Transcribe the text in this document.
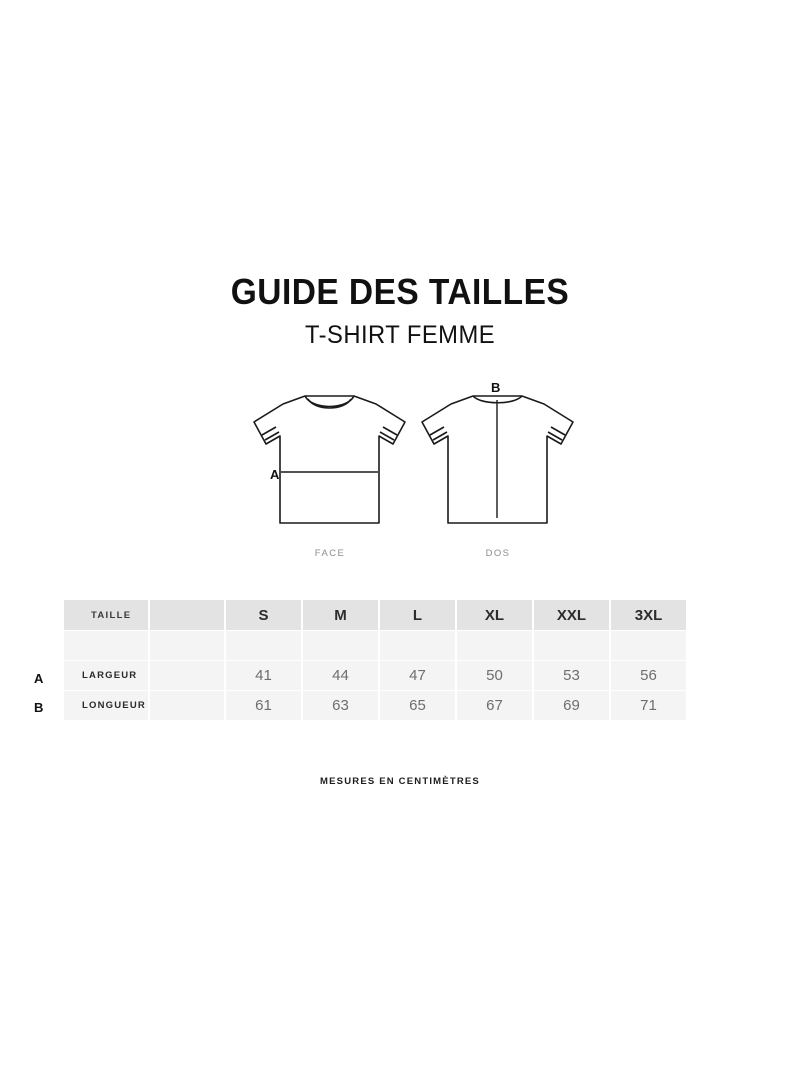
GUIDE DES TAILLES
T-SHIRT FEMME
A
B
FACE	DOS
A
B
TAILLE		S	M	L	XL	XXL	3XL	

LARGEUR		41	44	47	50	53	56	

LONGUEUR		61	63	65	67	69	71	
MESURES EN CENTIMÈTRES
